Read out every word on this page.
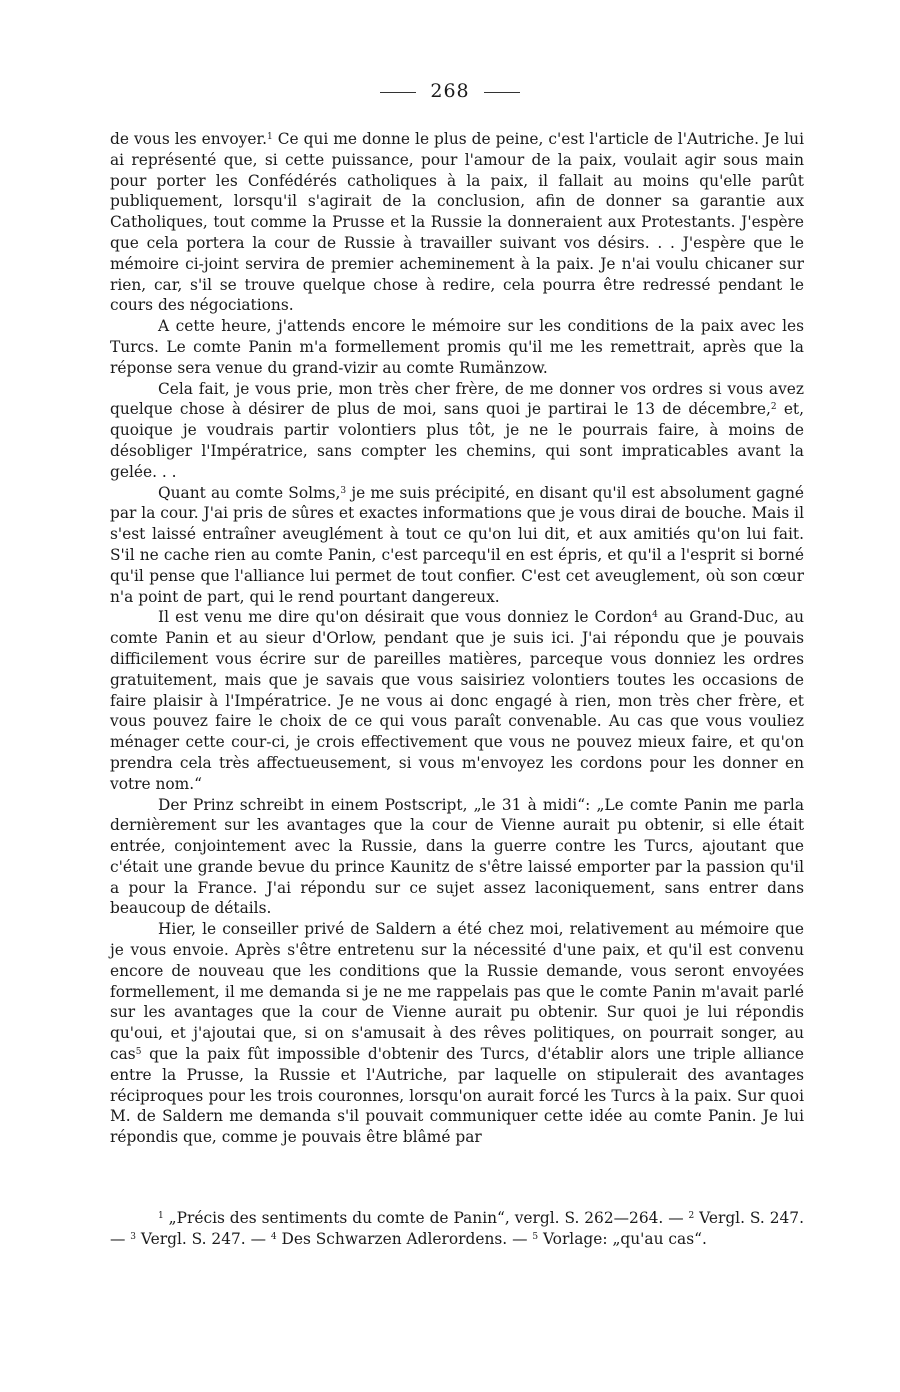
268

de vous les envoyer.$^1$ Ce qui me donne le plus de peine, c'est l'article de l'Autriche. Je lui ai représenté que, si cette puissance, pour l'amour de la paix, voulait agir sous main pour porter les Confédérés catholiques à la paix, il fallait au moins qu'elle parût publiquement, lorsqu'il s'agirait de la conclusion, afin de donner sa garantie aux Catholiques, tout comme la Prusse et la Russie la donneraient aux Protestants. J'espère que cela portera la cour de Russie à travailler suivant vos désirs. . . J'espère que le mémoire ci-joint servira de premier acheminement à la paix. Je n'ai voulu chicaner sur rien, car, s'il se trouve quelque chose à redire, cela pourra être redressé pendant le cours des négociations.

A cette heure, j'attends encore le mémoire sur les conditions de la paix avec les Turcs. Le comte Panin m'a formellement promis qu'il me les remettrait, après que la réponse sera venue du grand-vizir au comte Rumänzow.

Cela fait, je vous prie, mon très cher frère, de me donner vos ordres si vous avez quelque chose à désirer de plus de moi, sans quoi je partirai le 13 de décembre,$^2$ et, quoique je voudrais partir volontiers plus tôt, je ne le pourrais faire, à moins de désobliger l'Impératrice, sans compter les chemins, qui sont impraticables avant la gelée. . .

Quant au comte Solms,$^3$ je me suis précipité, en disant qu'il est absolument gagné par la cour. J'ai pris de sûres et exactes informations que je vous dirai de bouche. Mais il s'est laissé entraîner aveuglément à tout ce qu'on lui dit, et aux amitiés qu'on lui fait. S'il ne cache rien au comte Panin, c'est parcequ'il en est épris, et qu'il a l'esprit si borné qu'il pense que l'alliance lui permet de tout confier. C'est cet aveuglement, où son cœur n'a point de part, qui le rend pourtant dangereux.

Il est venu me dire qu'on désirait que vous donniez le Cordon$^4$ au Grand-Duc, au comte Panin et au sieur d'Orlow, pendant que je suis ici. J'ai répondu que je pouvais difficilement vous écrire sur de pareilles matières, parceque vous donniez les ordres gratuitement, mais que je savais que vous saisiriez volontiers toutes les occasions de faire plaisir à l'Impératrice. Je ne vous ai donc engagé à rien, mon très cher frère, et vous pouvez faire le choix de ce qui vous paraît convenable. Au cas que vous vouliez ménager cette cour-ci, je crois effectivement que vous ne pouvez mieux faire, et qu'on prendra cela très affectueusement, si vous m'envoyez les cordons pour les donner en votre nom.“

Der Prinz schreibt in einem Postscript, „le 31 à midi“: „Le comte Panin me parla dernièrement sur les avantages que la cour de Vienne aurait pu obtenir, si elle était entrée, conjointement avec la Russie, dans la guerre contre les Turcs, ajoutant que c'était une grande bevue du prince Kaunitz de s'être laissé emporter par la passion qu'il a pour la France. J'ai répondu sur ce sujet assez laconiquement, sans entrer dans beaucoup de détails.

Hier, le conseiller privé de Saldern a été chez moi, relativement au mémoire que je vous envoie. Après s'être entretenu sur la nécessité d'une paix, et qu'il est convenu encore de nouveau que les conditions que la Russie demande, vous seront envoyées formellement, il me demanda si je ne me rappelais pas que le comte Panin m'avait parlé sur les avantages que la cour de Vienne aurait pu obtenir. Sur quoi je lui répondis qu'oui, et j'ajoutai que, si on s'amusait à des rêves politiques, on pourrait songer, au cas$^5$ que la paix fût impossible d'obtenir des Turcs, d'établir alors une triple alliance entre la Prusse, la Russie et l'Autriche, par laquelle on stipulerait des avantages réciproques pour les trois couronnes, lorsqu'on aurait forcé les Turcs à la paix. Sur quoi M. de Saldern me demanda s'il pouvait communiquer cette idée au comte Panin. Je lui répondis que, comme je pouvais être blâmé par

$^1$ „Précis des sentiments du comte de Panin“, vergl. S. 262—264. — $^2$ Vergl. S. 247. — $^3$ Vergl. S. 247. — $^4$ Des Schwarzen Adlerordens. — $^5$ Vorlage: „qu'au cas“.
